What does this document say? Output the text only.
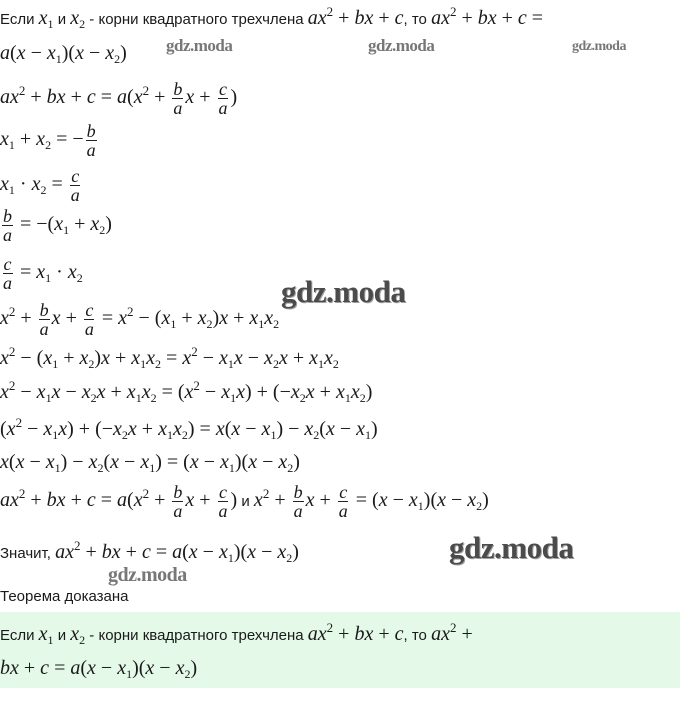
Если $x_1$ и $x_2$ - корни квадратного трехчлена $ax^2$ + bx + c, то $ax^2$ + bx + c =
$a(x - x_1)(x - x_2)$
$ax^2$ + bx + $c = a(x^2 + \frac{b}{a}$ $x + \frac{c}{a}$ )
$x_1 + x_2$ = − $\frac{b}{a}$
$x_1 \cdot x_2 = \frac{c}{a}$
$\frac{b}{a} = -(x_1 + x_2)$
$\frac{c}{a} = x_1 \cdot x_2$
$x^2 + \frac{b}{a}$ $x + \frac{c}{a} = x^2 - (x_1 + x_2)x + x_1x_2$
$x^2 - (x_1 + x_2)x + x_1x_2 = x^2 - x_1x - x_2x + x_1x_2$
$x^2 - x_1x - x_2x + x_1x_2 = (x^2 - x_1x) + (-x_2x + x_1x_2)$
$(x^2 - x_1x) + (-x_2x + x_1x_2) = x(x - x_1) - x_2(x - x_1)$
$x(x - x_1) - x_2(x - x_1) = (x - x_1)(x - x_2)$
$ax^2$ + bx + $c = a(x^2 + \frac{b}{a}$ $x + \frac{c}{a}$ ) и $x^2 + \frac{b}{a}$ $x + \frac{c}{a} = (x - x_1)(x - x_2)$
Значит, $ax^2$ + bx + $c = a(x - x_1)(x - x_2)$
Теорема доказана
Если $x_1$ и $x_2$ - корни квадратного трехчлена $ax^2$ + bx + c, то $ax^2$ +
bx + $c = a(x - x_1)(x - x_2)$
gdz.moda	gdz.moda	gdz.moda
gdz.moda
gdz.moda
gdz.moda
